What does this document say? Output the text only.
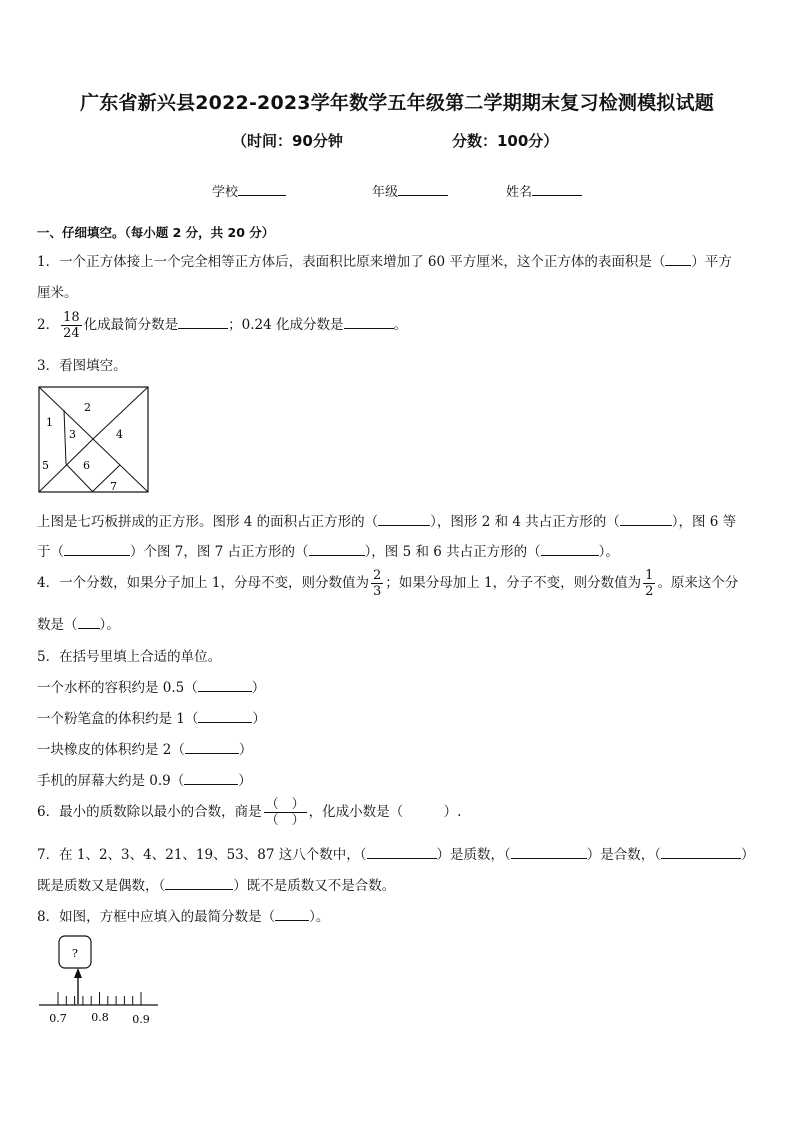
广东省新兴县2022-2023学年数学五年级第二学期期末复习检测模拟试题
（时间：90分钟	分数：100分）
学校	年级	姓名
一、仔细填空。（每小题 2 分，共 20 分）
1．一个正方体接上一个完全相等正方体后，表面积比原来增加了 60 平方厘米，这个正方体的表面积是（ ）平方
厘米。
2． $\frac{18}{24}$ 化成最简分数是	；0.24 化成分数是	。
3．看图填空。
1
2
3	4
5	6
7
上图是七巧板拼成的正方形。图形 4 的面积占正方形的（	），图形 2 和 4 共占正方形的（	），图 6 等
于（	）个图 7，图 7 占正方形的（	），图 5 和 6 共占正方形的（	）。
4．一个分数，如果分子加上 1，分母不变，则分数值为 $\frac{2}{3}$ ；如果分母加上 1，分子不变，则分数值为 $\frac{1}{2}$ 。原来这个分
数是（ ）。
5．在括号里填上合适的单位。
一个水杯的容积约是 0.5（	）
一个粉笔盒的体积约是 1（	）
一块橡皮的体积约是 2（	）
手机的屏幕大约是 0.9（	）
6．最小的质数除以最小的合数，商是 $\frac{( )}{( )}$ ，化成小数是（　　　）.
7．在 1、2、3、4、21、19、53、87 这八个数中，（	）是质数，（	）是合数，（	）
既是质数又是偶数，（	）既不是质数又不是合数。
8．如图，方框中应填入的最简分数是（	）。
?
0.7 0.8 0.9
